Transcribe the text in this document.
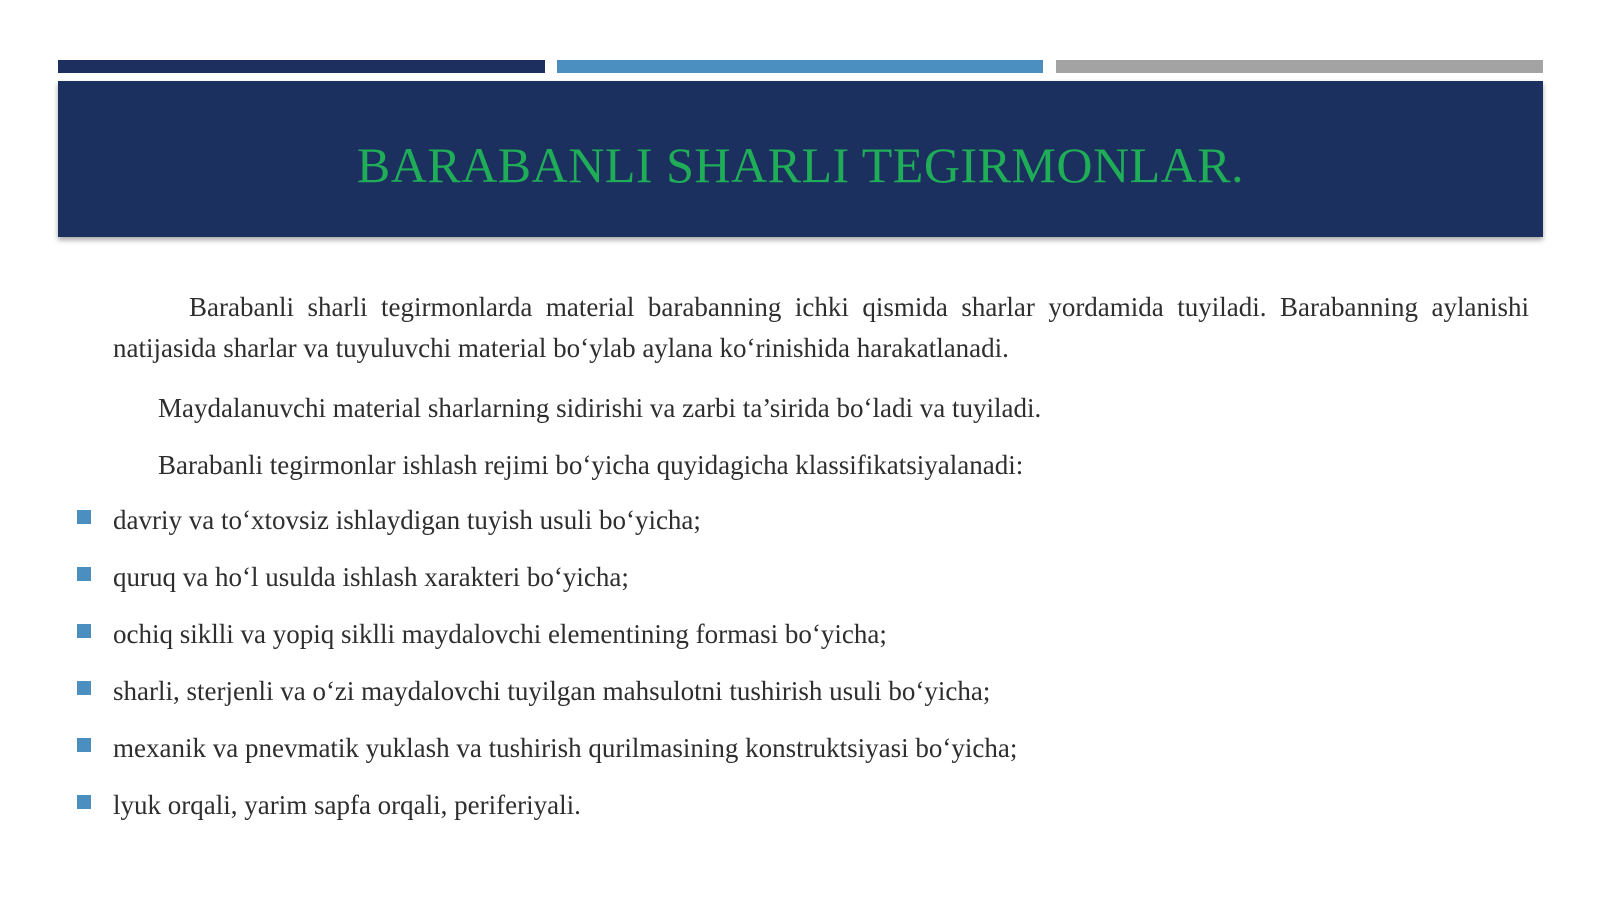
BARABANLI SHARLI TEGIRMONLAR.
Barabanli sharli tegirmonlarda material barabanning ichki qismida sharlar yordamida tuyiladi. Barabanning aylanishi natijasida sharlar va tuyuluvchi material bo‘ylab aylana ko‘rinishida harakatlanadi.
Maydalanuvchi material sharlarning sidirishi va zarbi ta’sirida bo‘ladi va tuyiladi.
Barabanli tegirmonlar ishlash rejimi bo‘yicha quyidagicha klassifikatsiyalanadi:
davriy va to‘xtovsiz ishlaydigan tuyish usuli bo‘yicha;
quruq va ho‘l usulda ishlash xarakteri bo‘yicha;
ochiq siklli va yopiq siklli maydalovchi elementining formasi bo‘yicha;
sharli, sterjenli va o‘zi maydalovchi tuyilgan mahsulotni tushirish usuli bo‘yicha;
mexanik va pnevmatik yuklash va tushirish qurilmasining konstruktsiyasi bo‘yicha;
lyuk orqali, yarim sapfa orqali, periferiyali.
